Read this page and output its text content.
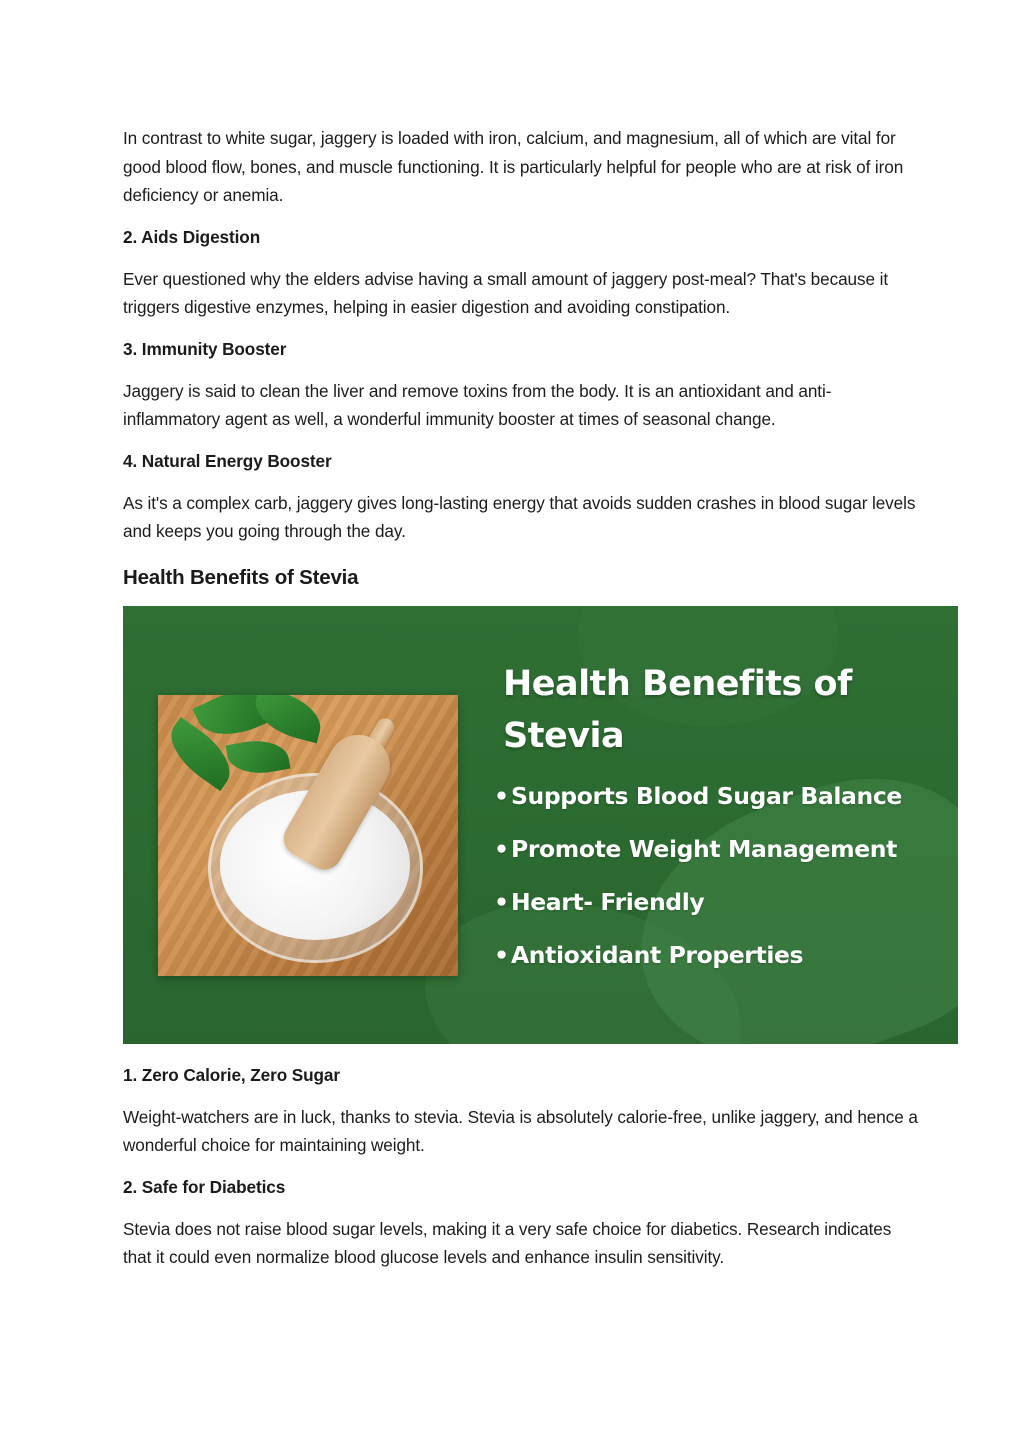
In contrast to white sugar, jaggery is loaded with iron, calcium, and magnesium, all of which are vital for good blood flow, bones, and muscle functioning. It is particularly helpful for people who are at risk of iron deficiency or anemia.

2. Aids Digestion

Ever questioned why the elders advise having a small amount of jaggery post-meal? That's because it triggers digestive enzymes, helping in easier digestion and avoiding constipation.

3. Immunity Booster

Jaggery is said to clean the liver and remove toxins from the body. It is an antioxidant and anti-inflammatory agent as well, a wonderful immunity booster at times of seasonal change.

4. Natural Energy Booster

As it's a complex carb, jaggery gives long-lasting energy that avoids sudden crashes in blood sugar levels and keeps you going through the day.

Health Benefits of Stevia
Health Benefits of Stevia
• Supports Blood Sugar Balance
• Promote Weight Management
• Heart- Friendly
• Antioxidant Properties
1. Zero Calorie, Zero Sugar

Weight-watchers are in luck, thanks to stevia. Stevia is absolutely calorie-free, unlike jaggery, and hence a wonderful choice for maintaining weight.

2. Safe for Diabetics

Stevia does not raise blood sugar levels, making it a very safe choice for diabetics. Research indicates that it could even normalize blood glucose levels and enhance insulin sensitivity.
